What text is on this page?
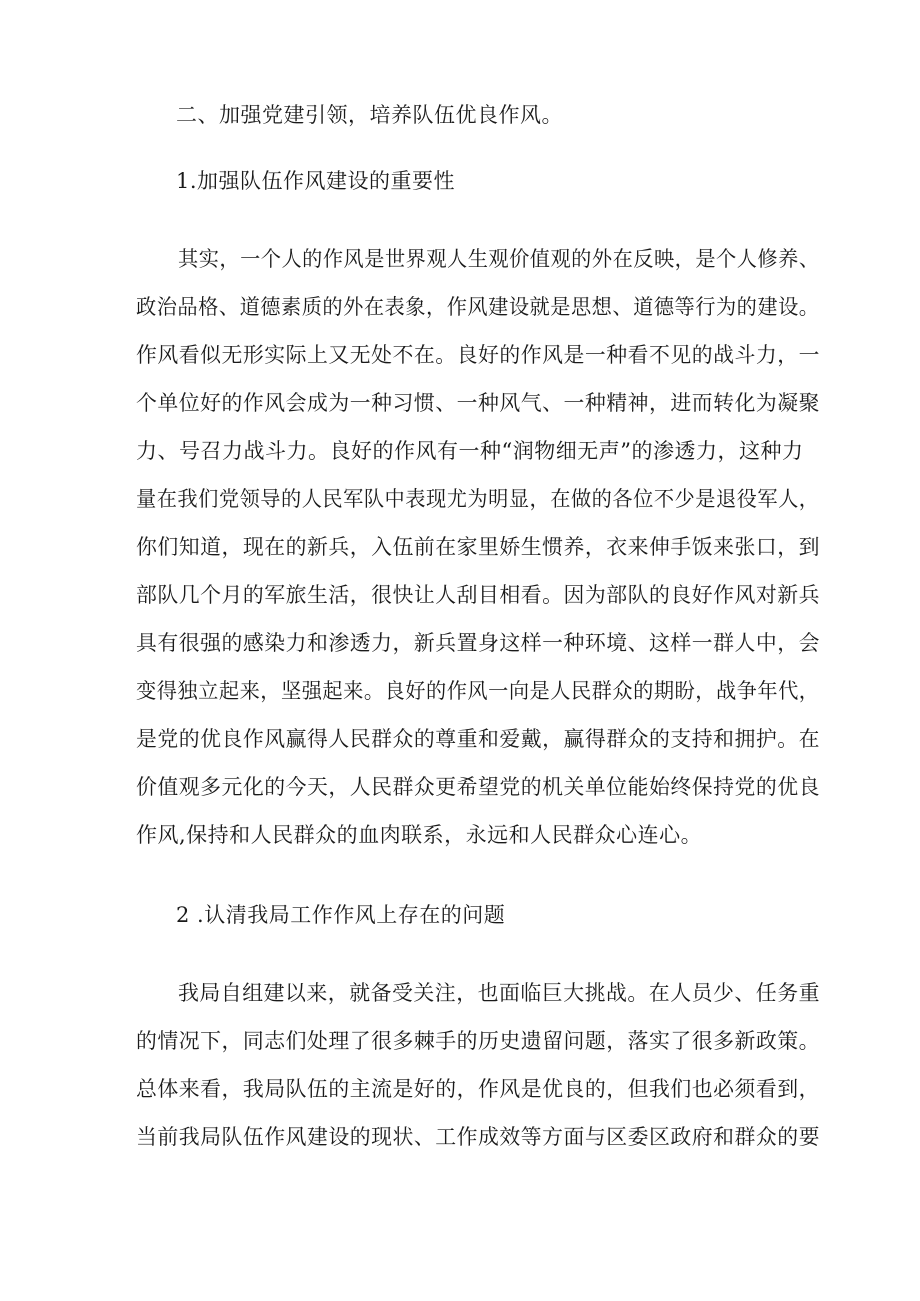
二、加强党建引领，培养队伍优良作风。
1.加强队伍作风建设的重要性
其实，一个人的作风是世界观人生观价值观的外在反映，是个人修养、
政治品格、道德素质的外在表象，作风建设就是思想、道德等行为的建设。
作风看似无形实际上又无处不在。良好的作风是一种看不见的战斗力，一
个单位好的作风会成为一种习惯、一种风气、一种精神，进而转化为凝聚
力、号召力战斗力。良好的作风有一种“润物细无声”的渗透力，这种力
量在我们党领导的人民军队中表现尤为明显，在做的各位不少是退役军人，
你们知道，现在的新兵，入伍前在家里娇生惯养，衣来伸手饭来张口，到
部队几个月的军旅生活，很快让人刮目相看。因为部队的良好作风对新兵
具有很强的感染力和渗透力，新兵置身这样一种环境、这样一群人中，会
变得独立起来，坚强起来。良好的作风一向是人民群众的期盼，战争年代，
是党的优良作风赢得人民群众的尊重和爱戴，赢得群众的支持和拥护。在
价值观多元化的今天，人民群众更希望党的机关单位能始终保持党的优良
作风,保持和人民群众的血肉联系，永远和人民群众心连心。
2 .认清我局工作作风上存在的问题
我局自组建以来，就备受关注，也面临巨大挑战。在人员少、任务重
的情况下，同志们处理了很多棘手的历史遗留问题，落实了很多新政策。
总体来看，我局队伍的主流是好的，作风是优良的，但我们也必须看到，
当前我局队伍作风建设的现状、工作成效等方面与区委区政府和群众的要
